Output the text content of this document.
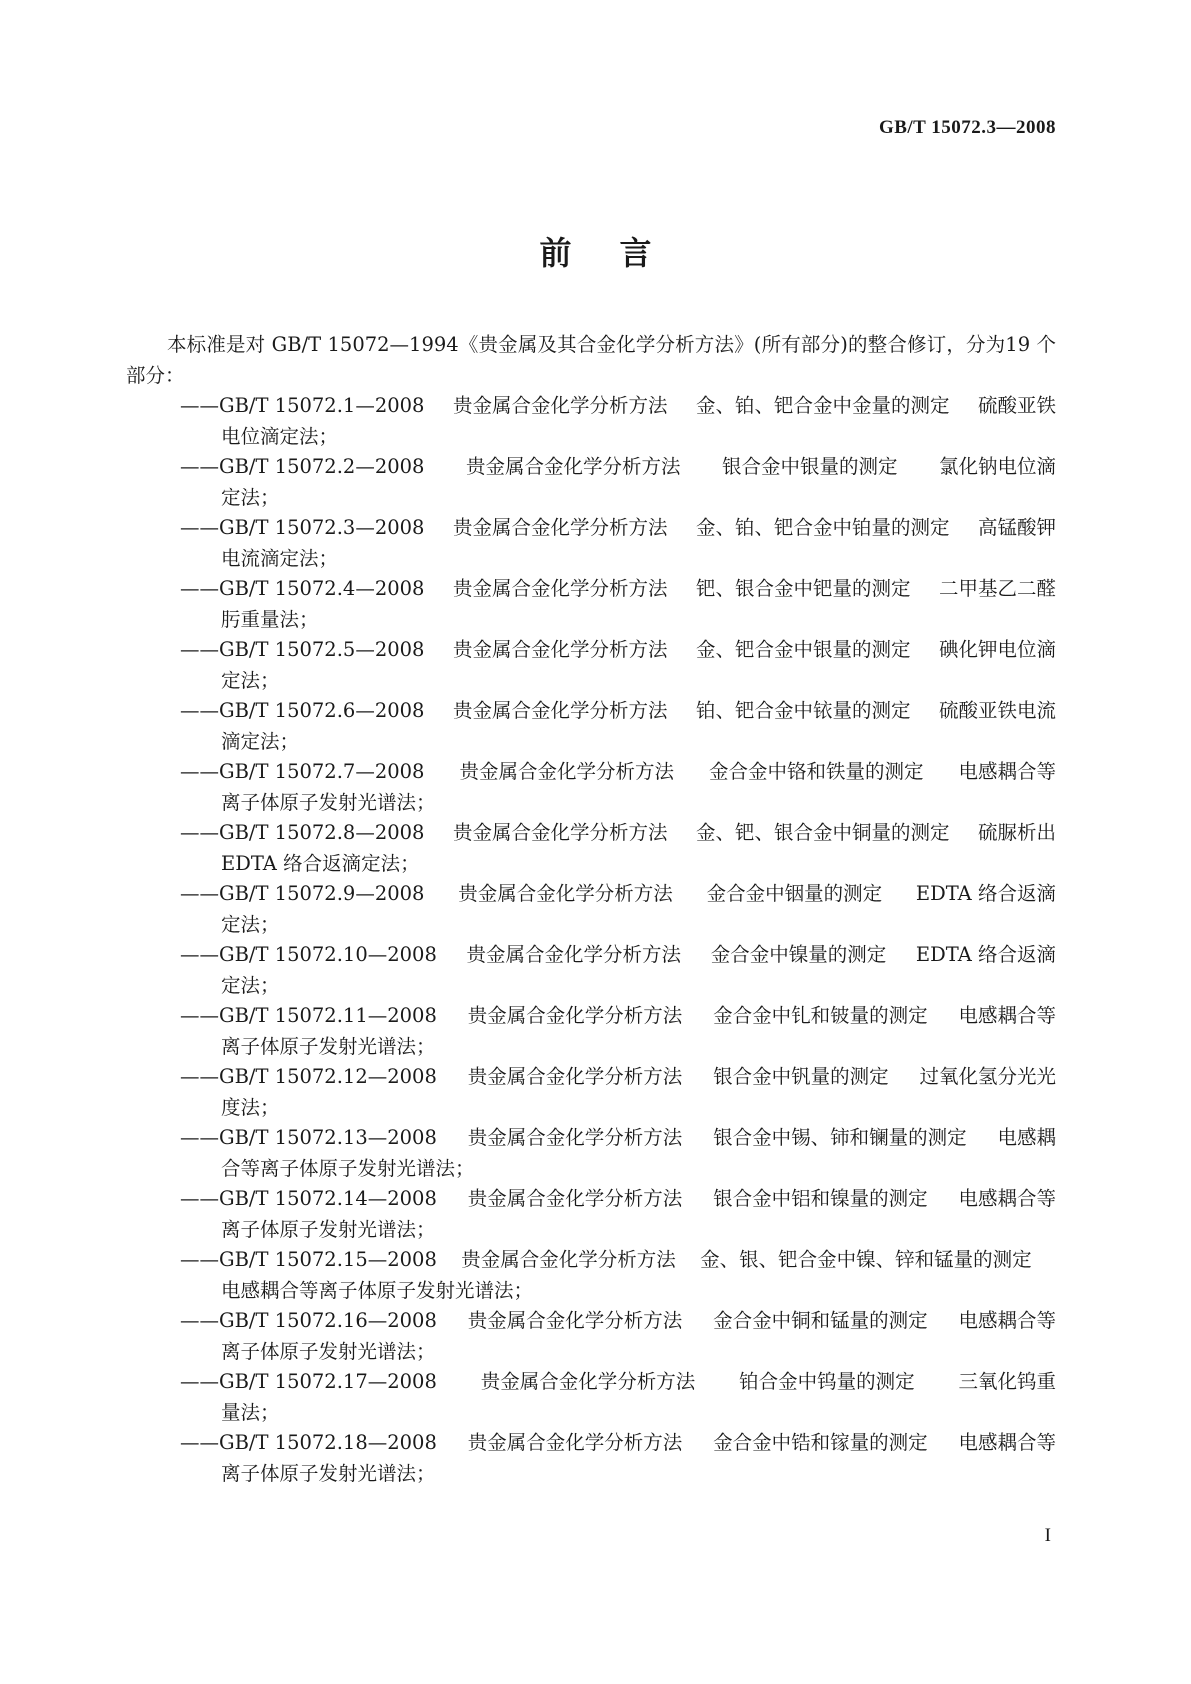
GB/T 15072.3—2008
前言

本标准是对 GB/T 15072—1994《贵金属及其合金化学分析方法》(所有部分)的整合修订，分为19 个部分：

——GB/T 15072.1—2008 贵金属合金化学分析方法 金、铂、钯合金中金量的测定 硫酸亚铁
电位滴定法；
——GB/T 15072.2—2008 贵金属合金化学分析方法 银合金中银量的测定 氯化钠电位滴
定法；
——GB/T 15072.3—2008 贵金属合金化学分析方法 金、铂、钯合金中铂量的测定 高锰酸钾
电流滴定法；
——GB/T 15072.4—2008 贵金属合金化学分析方法 钯、银合金中钯量的测定 二甲基乙二醛
肟重量法；
——GB/T 15072.5—2008 贵金属合金化学分析方法 金、钯合金中银量的测定 碘化钾电位滴
定法；
——GB/T 15072.6—2008 贵金属合金化学分析方法 铂、钯合金中铱量的测定 硫酸亚铁电流
滴定法；
——GB/T 15072.7—2008 贵金属合金化学分析方法 金合金中铬和铁量的测定 电感耦合等
离子体原子发射光谱法；
——GB/T 15072.8—2008 贵金属合金化学分析方法 金、钯、银合金中铜量的测定 硫脲析出
EDTA 络合返滴定法；
——GB/T 15072.9—2008 贵金属合金化学分析方法 金合金中铟量的测定 EDTA 络合返滴
定法；
——GB/T 15072.10—2008 贵金属合金化学分析方法 金合金中镍量的测定 EDTA 络合返滴
定法；
——GB/T 15072.11—2008 贵金属合金化学分析方法 金合金中钆和铍量的测定 电感耦合等
离子体原子发射光谱法；
——GB/T 15072.12—2008 贵金属合金化学分析方法 银合金中钒量的测定 过氧化氢分光光
度法；
——GB/T 15072.13—2008 贵金属合金化学分析方法 银合金中锡、铈和镧量的测定 电感耦
合等离子体原子发射光谱法；
——GB/T 15072.14—2008 贵金属合金化学分析方法 银合金中铝和镍量的测定 电感耦合等
离子体原子发射光谱法；
——GB/T 15072.15—2008 贵金属合金化学分析方法 金、银、钯合金中镍、锌和锰量的测定
电感耦合等离子体原子发射光谱法；
——GB/T 15072.16—2008 贵金属合金化学分析方法 金合金中铜和锰量的测定 电感耦合等
离子体原子发射光谱法；
——GB/T 15072.17—2008 贵金属合金化学分析方法 铂合金中钨量的测定 三氧化钨重
量法；
——GB/T 15072.18—2008 贵金属合金化学分析方法 金合金中锆和镓量的测定 电感耦合等
离子体原子发射光谱法；
I
